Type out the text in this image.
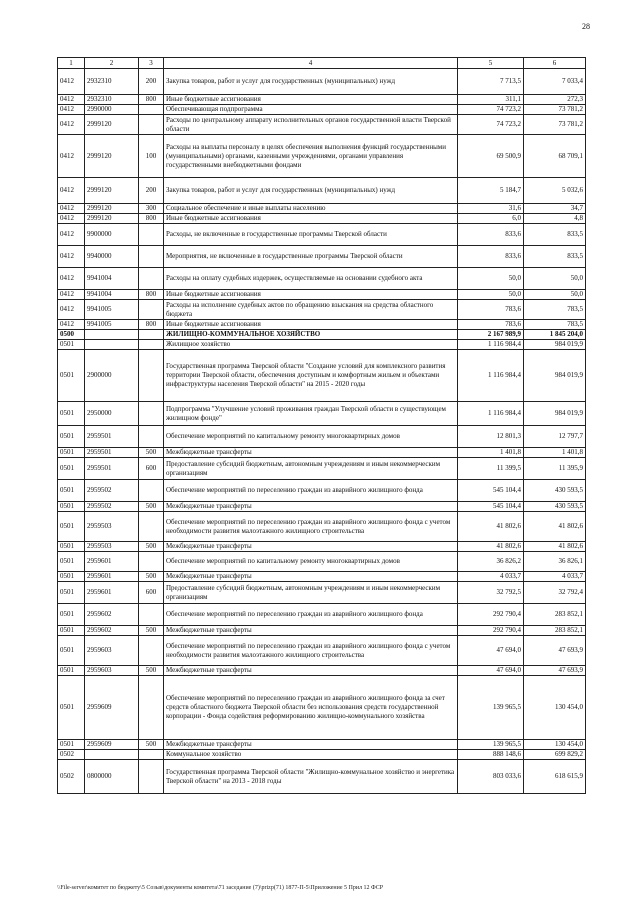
28
1	2	3	4	5	6
0412	2932310	200	Закупка товаров, работ и услуг для государственных (муниципальных) нужд	7 713,5	7 033,4
0412	2932310	800	Иные бюджетные ассигнования	311,1	272,3
0412	2990000		Обеспечивающая подпрограмма	74 723,2	73 781,2
0412	2999120		Расходы по центральному аппарату исполнительных органов государственной власти Тверской области	74 723,2	73 781,2
0412	2999120	100	Расходы на выплаты персоналу в целях обеспечения выполнения функций государственными (муниципальными) органами, казенными учреждениями, органами управления государственными внебюджетными фондами	69 500,9	68 709,1
0412	2999120	200	Закупка товаров, работ и услуг для государственных (муниципальных) нужд	5 184,7	5 032,6
0412	2999120	300	Социальное обеспечение и иные выплаты населению	31,6	34,7
0412	2999120	800	Иные бюджетные ассигнования	6,0	4,8
0412	9900000		Расходы, не включенные в государственные программы Тверской области	833,6	833,5
0412	9940000		Мероприятия, не включенные в государственные программы Тверской области	833,6	833,5
0412	9941004		Расходы на оплату судебных издержек, осуществляемые на основании судебного акта	50,0	50,0
0412	9941004	800	Иные бюджетные ассигнования	50,0	50,0
0412	9941005		Расходы на исполнение судебных актов по обращению взыскания на средства областного бюджета	783,6	783,5
0412	9941005	800	Иные бюджетные ассигнования	783,6	783,5
0500			ЖИЛИЩНО-КОММУНАЛЬНОЕ ХОЗЯЙСТВО	2 167 989,9	1 845 204,0
0501			Жилищное хозяйство	1 116 984,4	984 019,9
0501	2900000		Государственная программа Тверской области "Создание условий для комплексного развития территории Тверской области, обеспечения доступным и комфортным жильем и объектами инфраструктуры населения Тверской области" на 2015 - 2020 годы	1 116 984,4	984 019,9
0501	2950000		Подпрограмма "Улучшение условий проживания граждан Тверской области в существующем жилищном фонде"	1 116 984,4	984 019,9
0501	2959501		Обеспечение мероприятий по капитальному ремонту многоквартирных домов	12 801,3	12 797,7
0501	2959501	500	Межбюджетные трансферты	1 401,8	1 401,8
0501	2959501	600	Предоставление субсидий бюджетным, автономным учреждениям и иным некоммерческим организациям	11 399,5	11 395,9
0501	2959502		Обеспечение мероприятий по переселению граждан из аварийного жилищного фонда	545 104,4	430 593,5
0501	2959502	500	Межбюджетные трансферты	545 104,4	430 593,5
0501	2959503		Обеспечение мероприятий по переселению граждан из аварийного жилищного фонда с учетом необходимости развития малоэтажного жилищного строительства	41 802,6	41 802,6
0501	2959503	500	Межбюджетные трансферты	41 802,6	41 802,6
0501	2959601		Обеспечение мероприятий по капитальному ремонту многоквартирных домов	36 826,2	36 826,1
0501	2959601	500	Межбюджетные трансферты	4 033,7	4 033,7
0501	2959601	600	Предоставление субсидий бюджетным, автономным учреждениям и иным некоммерческим организациям	32 792,5	32 792,4
0501	2959602		Обеспечение мероприятий по переселению граждан из аварийного жилищного фонда	292 790,4	283 852,1
0501	2959602	500	Межбюджетные трансферты	292 790,4	283 852,1
0501	2959603		Обеспечение мероприятий по переселению граждан из аварийного жилищного фонда с учетом необходимости развития малоэтажного жилищного строительства	47 694,0	47 693,9
0501	2959603	500	Межбюджетные трансферты	47 694,0	47 693,9
0501	2959609		Обеспечение мероприятий по переселению граждан из аварийного жилищного фонда за счет средств областного бюджета Тверской области без использования средств государственной корпорации - Фонда содействия реформированию жилищно-коммунального хозяйства	139 965,5	130 454,0
0501	2959609	500	Межбюджетные трансферты	139 965,5	130 454,0
0502			Коммунальное хозяйство	888 148,6	699 829,2
0502	0800000		Государственная программа Тверской области "Жилищно-коммунальное хозяйство и энергетика Тверской области" на 2013 - 2018 годы	803 033,6	618 615,9
\\File-server\комитет по бюджету\5 Созыв\документы комитета\71 заседание (7)\prizp(71) 1877-П-5\Приложение 5 Прил 12 ФСР
